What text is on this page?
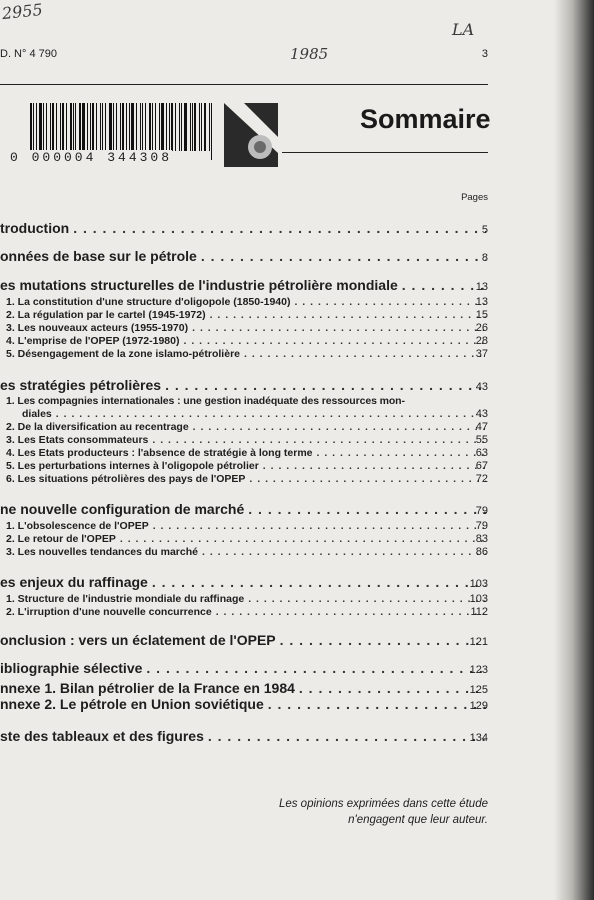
2955
D. N° 4 790	1985
LA
3
0 000004 344308
Sommaire
Pages
troduction . . .	5
onnées de base sur le pétrole . . .	8
es mutations structurelles de l'industrie pétrolière mondiale . . .	13
1. La constitution d'une structure d'oligopole (1850-1940) . . .	13
2. La régulation par le cartel (1945-1972) . . .	15
3. Les nouveaux acteurs (1955-1970) . . .	26
4. L'emprise de l'OPEP (1972-1980) . . .	28
5. Désengagement de la zone islamo-pétrolière . . .	37
es stratégies pétrolières . . .	43
1. Les compagnies internationales : une gestion inadéquate des ressources mon-
diales . . .	43
2. De la diversification au recentrage . . .	47
3. Les Etats consommateurs . . .	55
4. Les Etats producteurs : l'absence de stratégie à long terme . . .	63
5. Les perturbations internes à l'oligopole pétrolier . . .	67
6. Les situations pétrolières des pays de l'OPEP . . .	72
ne nouvelle configuration de marché . . .	79
1. L'obsolescence de l'OPEP . . .	79
2. Le retour de l'OPEP . . .	83
3. Les nouvelles tendances du marché . . .	86
es enjeux du raffinage . . .	103
1. Structure de l'industrie mondiale du raffinage . . .	103
2. L'irruption d'une nouvelle concurrence . . .	112
onclusion : vers un éclatement de l'OPEP . . .	121
ibliographie sélective . . .	123
nnexe 1. Bilan pétrolier de la France en 1984 . . .	125
nnexe 2. Le pétrole en Union soviétique . . .	129
ste des tableaux et des figures . . .	134
Les opinions exprimées dans cette étude
n'engagent que leur auteur.
